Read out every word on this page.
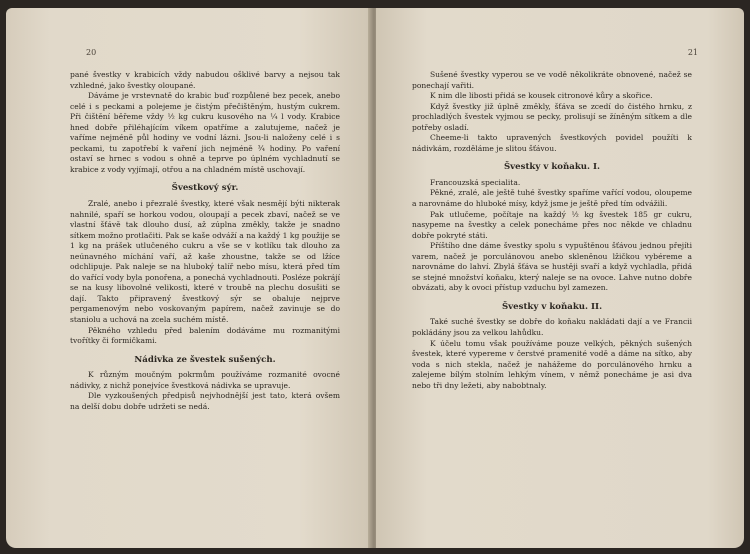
20

pané švestky v krabicích vždy nabudou ošklivé barvy a nejsou tak vzhledné, jako švestky oloupané.

Dáváme je vrstevnatě do krabic buď rozpůlené bez pecek, anebo celé i s peckami a polejeme je čistým přečištěným, hustým cukrem. Při čištění běřeme vždy ½ kg cukru kusového na ¼ l vody. Krabice hned dobře přiléhajícím víkem opatříme a zalutujeme, načež je vaříme nejméně půl hodiny ve vodní lázni. Jsou-li naloženy celé i s peckami, tu zapotřebí k vaření jich nejméně ¾ hodiny. Po vaření ostaví se hrnec s vodou s ohně a teprve po úplném vychladnutí se krabice z vody vyjímají, otřou a na chladném místě uschovají.

Švestkový sýr.

Zralé, anebo i přezralé švestky, které však nesmějí býti nikterak nahnilé, spaří se horkou vodou, oloupají a pecek zbaví, načež se ve vlastní šťávě tak dlouho dusí, až zúplna změkly, takže je snadno sítkem možno protlačiti. Pak se kaše odváží a na každý 1 kg použije se 1 kg na prášek utlučeného cukru a vše se v kotlíku tak dlouho za neúnavného míchání vaří, až kaše zhoustne, takže se od lžíce odchlipuje. Pak naleje se na hluboký talíř nebo mísu, která před tím do vařící vody byla ponořena, a ponechá vychladnouti. Posléze pokrájí se na kusy libovolné velikosti, které v troubě na plechu dosušiti se dají. Takto připravený švestkový sýr se obaluje nejprve pergamenovým nebo voskovaným papírem, načež zavinuje se do staniolu a uchová na zcela suchém místě.

Pěkného vzhledu před balením dodáváme mu rozmanitými tvořítky či formičkami.

Nádivka ze švestek sušených.

K různým moučným pokrmům používáme rozmanité ovocné nádivky, z nichž ponejvíce švestková nádivka se upravuje.

Dle vyzkoušených předpisů nejvhodnější jest tato, která ovšem na delší dobu dobře udržeti se nedá.

21

Sušené švestky vyperou se ve vodě několikráte obnovené, načež se ponechají vařiti.

K nim dle libosti přidá se kousek citronové kůry a skořice.

Když švestky již úplně změkly, šťáva se zcedí do čistého hrnku, z prochladlých švestek vyjmou se pecky, prolisují se žíněným sítkem a dle potřeby osladí.

Cheeme-li takto upravených švestkových povidel použíti k nádivkám, rozděláme je slitou šťávou.

Švestky v koňaku. I.

Francouzská specialita.

Pěkné, zralé, ale ještě tuhé švestky spaříme vařící vodou, oloupeme a narovnáme do hluboké mísy, když jsme je ještě před tím odvážili.

Pak utlučeme, počítaje na každý ½ kg švestek 185 gr cukru, nasypeme na švestky a celek ponecháme přes noc někde ve chladnu dobře pokryté státi.

Příštího dne dáme švestky spolu s vypuštěnou šťávou jednou přejíti varem, načež je porculánovou anebo skleněnou lžičkou vybéreme a narovnáme do lahví. Zbylá šťáva se hustěji svaří a když vychladla, přidá se stejné množství koňaku, který naleje se na ovoce. Lahve nutno dobře obvázati, aby k ovoci přístup vzduchu byl zamezen.

Švestky v koňaku. II.

Také suché švestky se dobře do koňaku nakládati dají a ve Francii pokládány jsou za velkou lahůdku.

K účelu tomu však používáme pouze velkých, pěkných sušených švestek, které vypereme v čerstvé pramenité vodě a dáme na sítko, aby voda s nich stekla, načež je nahážeme do porculánového hrnku a zalejeme bílým stolním lehkým vínem, v němž ponecháme je asi dva nebo tři dny ležeti, aby nabobtnaly.
